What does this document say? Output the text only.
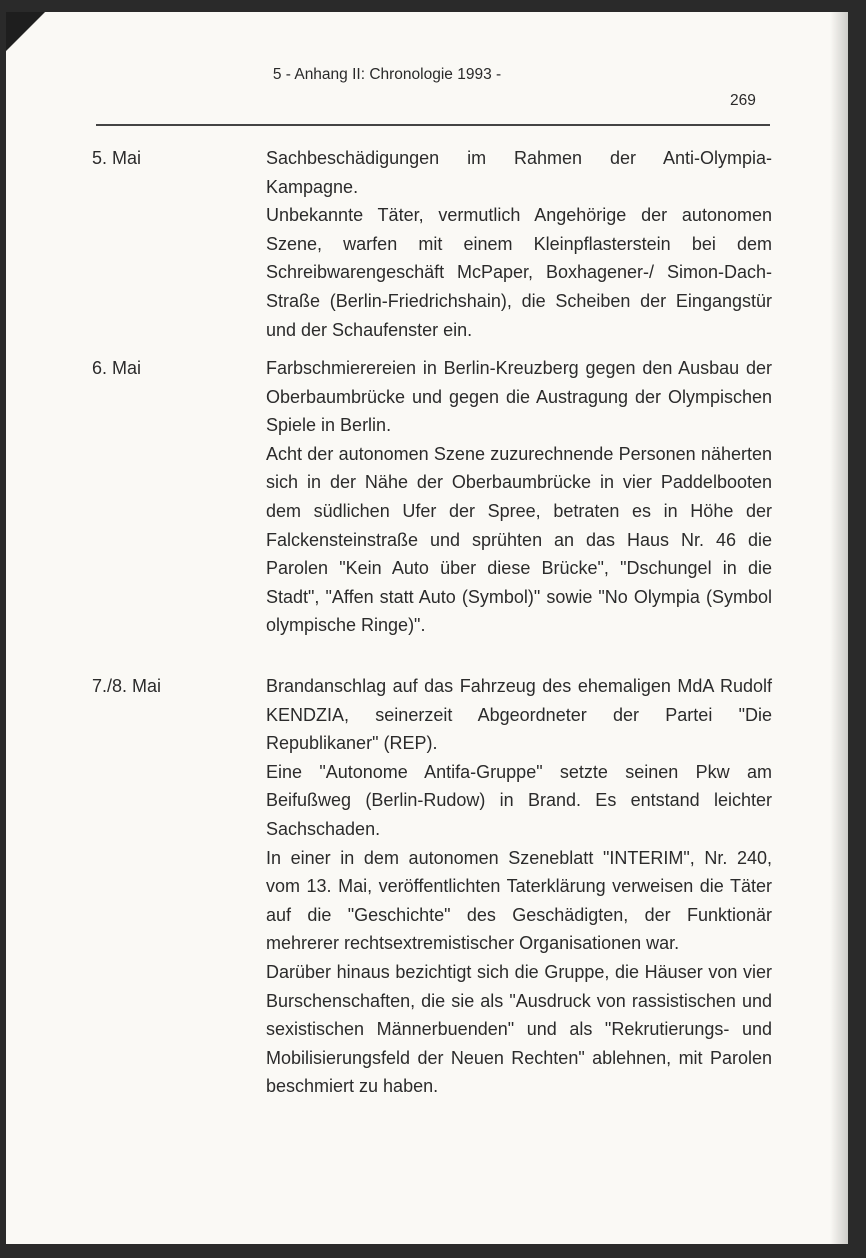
5 - Anhang II: Chronologie 1993 -
269
5. Mai	Sachbeschädigungen im Rahmen der Anti-Olympia-Kampagne.

Unbekannte Täter, vermutlich Angehörige der autonomen Szene, warfen mit einem Kleinpflasterstein bei dem Schreibwarengeschäft McPaper, Boxhagener-/ Simon-Dach-Straße (Berlin-Friedrichshain), die Scheiben der Eingangstür und der Schaufenster ein.

6. Mai	Farbschmierereien in Berlin-Kreuzberg gegen den Ausbau der Oberbaumbrücke und gegen die Austragung der Olympischen Spiele in Berlin.

Acht der autonomen Szene zuzurechnende Personen näherten sich in der Nähe der Oberbaumbrücke in vier Paddelbooten dem südlichen Ufer der Spree, betraten es in Höhe der Falckensteinstraße und sprühten an das Haus Nr. 46 die Parolen "Kein Auto über diese Brücke", "Dschungel in die Stadt", "Affen statt Auto (Symbol)" sowie "No Olympia (Symbol olympische Ringe)".

7./8. Mai	Brandanschlag auf das Fahrzeug des ehemaligen MdA Rudolf KENDZIA, seinerzeit Abgeordneter der Partei "Die Republikaner" (REP).

Eine "Autonome Antifa-Gruppe" setzte seinen Pkw am Beifußweg (Berlin-Rudow) in Brand. Es entstand leichter Sachschaden.

In einer in dem autonomen Szeneblatt "INTERIM", Nr. 240, vom 13. Mai, veröffentlichten Taterklärung verweisen die Täter auf die "Geschichte" des Geschädigten, der Funktionär mehrerer rechtsextremistischer Organisationen war.

Darüber hinaus bezichtigt sich die Gruppe, die Häuser von vier Burschenschaften, die sie als "Ausdruck von rassistischen und sexistischen Männerbuenden" und als "Rekrutierungs- und Mobilisierungsfeld der Neuen Rechten" ablehnen, mit Parolen beschmiert zu haben.
